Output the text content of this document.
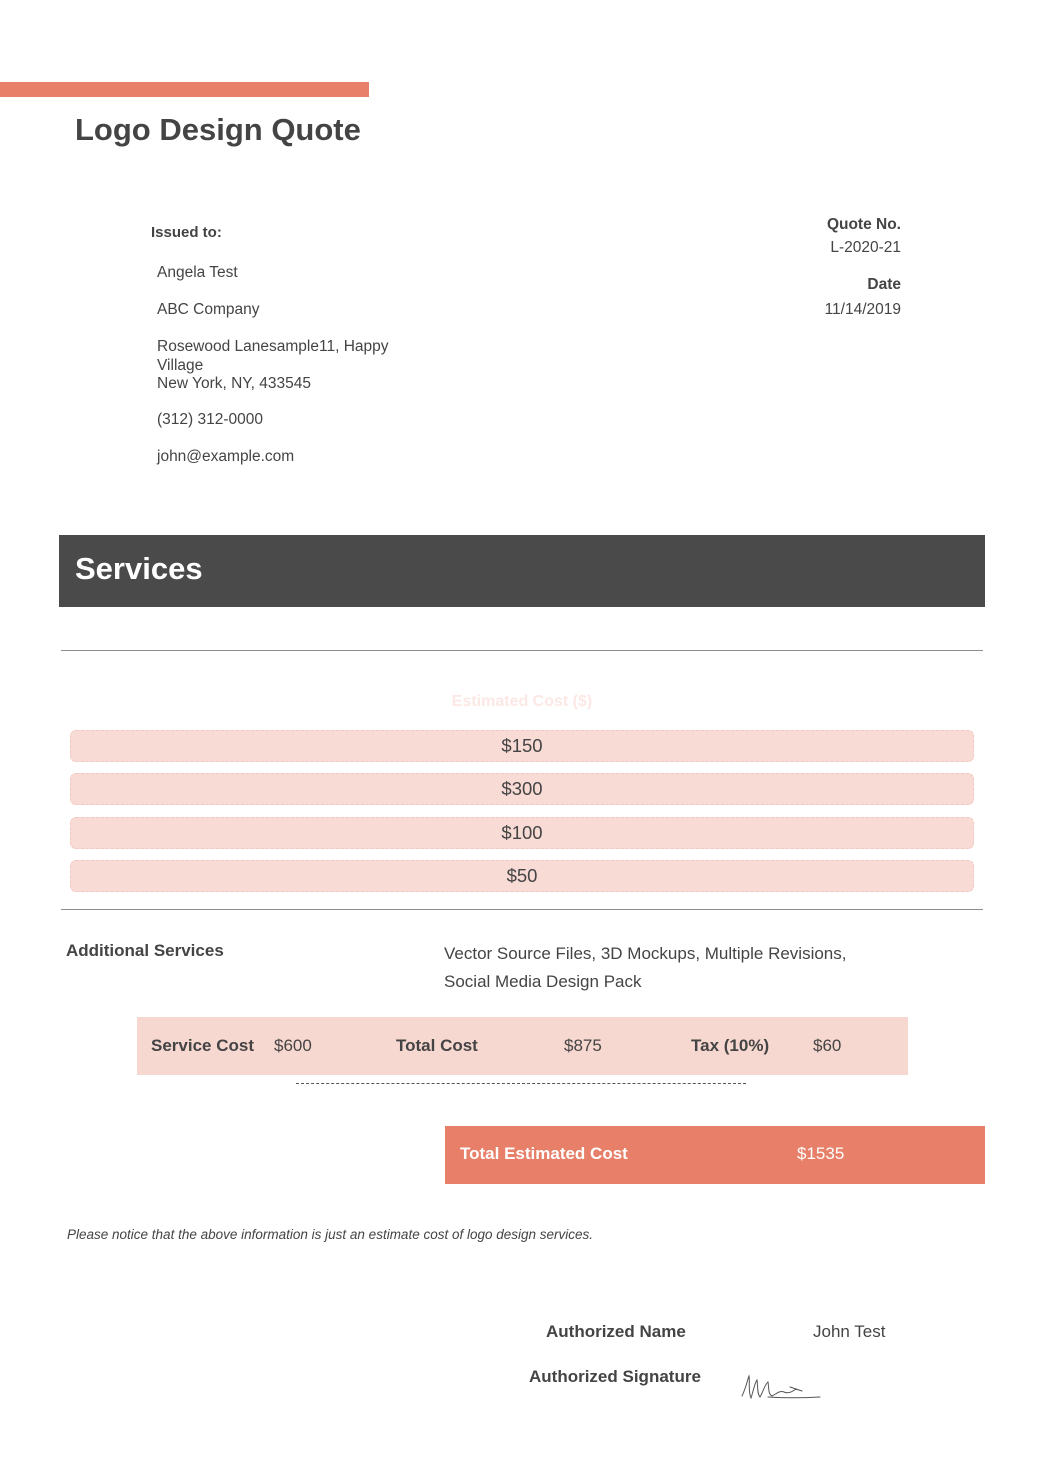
Logo Design Quote
Issued to:
Angela Test
ABC Company
Rosewood Lanesample11, Happy Village
New York, NY, 433545
(312) 312-0000
john@example.com
Quote No.
L-2020-21
Date
11/14/2019
Services
Estimated Cost ($)
$150
$300
$100
$50
Additional Services	Vector Source Files, 3D Mockups, Multiple Revisions, Social Media Design Pack
Service Cost $600	Total Cost	$875	Tax (10%)	$60
Total Estimated Cost	$1535
Please notice that the above information is just an estimate cost of logo design services.
Authorized Name	John Test
Authorized Signature
